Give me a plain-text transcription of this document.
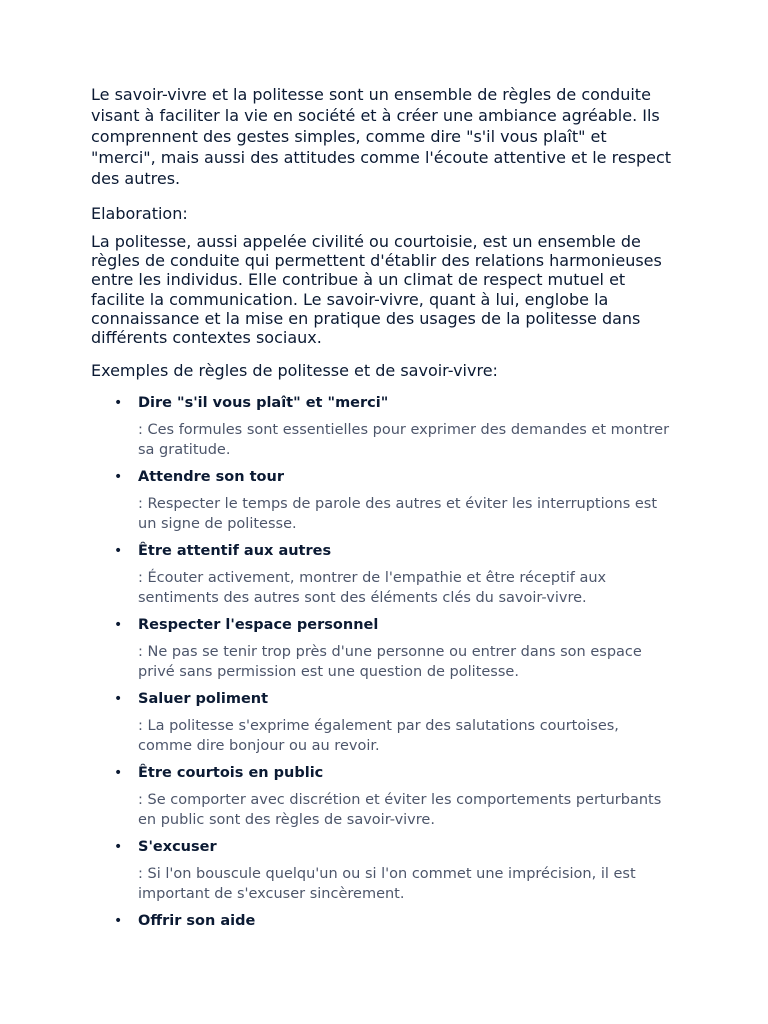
Le savoir-vivre et la politesse sont un ensemble de règles de conduite visant à faciliter la vie en société et à créer une ambiance agréable. Ils comprennent des gestes simples, comme dire "s'il vous plaît" et "merci", mais aussi des attitudes comme l'écoute attentive et le respect des autres.

Elaboration:

La politesse, aussi appelée civilité ou courtoisie, est un ensemble de règles de conduite qui permettent d'établir des relations harmonieuses entre les individus. Elle contribue à un climat de respect mutuel et facilite la communication. Le savoir-vivre, quant à lui, englobe la connaissance et la mise en pratique des usages de la politesse dans différents contextes sociaux.

Exemples de règles de politesse et de savoir-vivre:

• Dire "s'il vous plaît" et "merci"
: Ces formules sont essentielles pour exprimer des demandes et montrer sa gratitude.
• Attendre son tour
: Respecter le temps de parole des autres et éviter les interruptions est un signe de politesse.
• Être attentif aux autres
: Écouter activement, montrer de l'empathie et être réceptif aux sentiments des autres sont des éléments clés du savoir-vivre.
• Respecter l'espace personnel
: Ne pas se tenir trop près d'une personne ou entrer dans son espace privé sans permission est une question de politesse.
• Saluer poliment
: La politesse s'exprime également par des salutations courtoises, comme dire bonjour ou au revoir.
• Être courtois en public
: Se comporter avec discrétion et éviter les comportements perturbants en public sont des règles de savoir-vivre.
• S'excuser
: Si l'on bouscule quelqu'un ou si l'on commet une imprécision, il est important de s'excuser sincèrement.
• Offrir son aide
